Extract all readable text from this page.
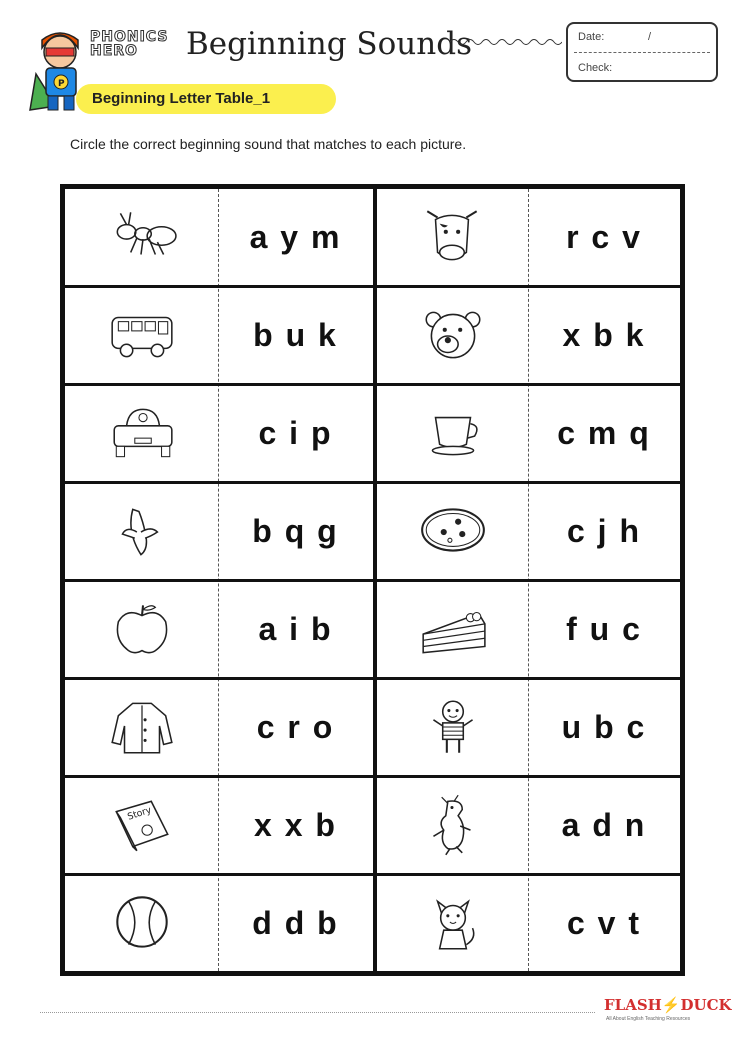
P
PHONICS
HERO	Beginning Sounds	Date:	/
Check:
Beginning Letter Table_1
Circle the correct beginning sound that matches to each picture.
a y m	r c v
b u k	x b k
c i p	c m q
b q g	c j h
a i b	f u c
c r o	u b c
Story	x x b	a d n
d d b	c v t
FLASH⚡DUCK
All About English Teaching Resources
